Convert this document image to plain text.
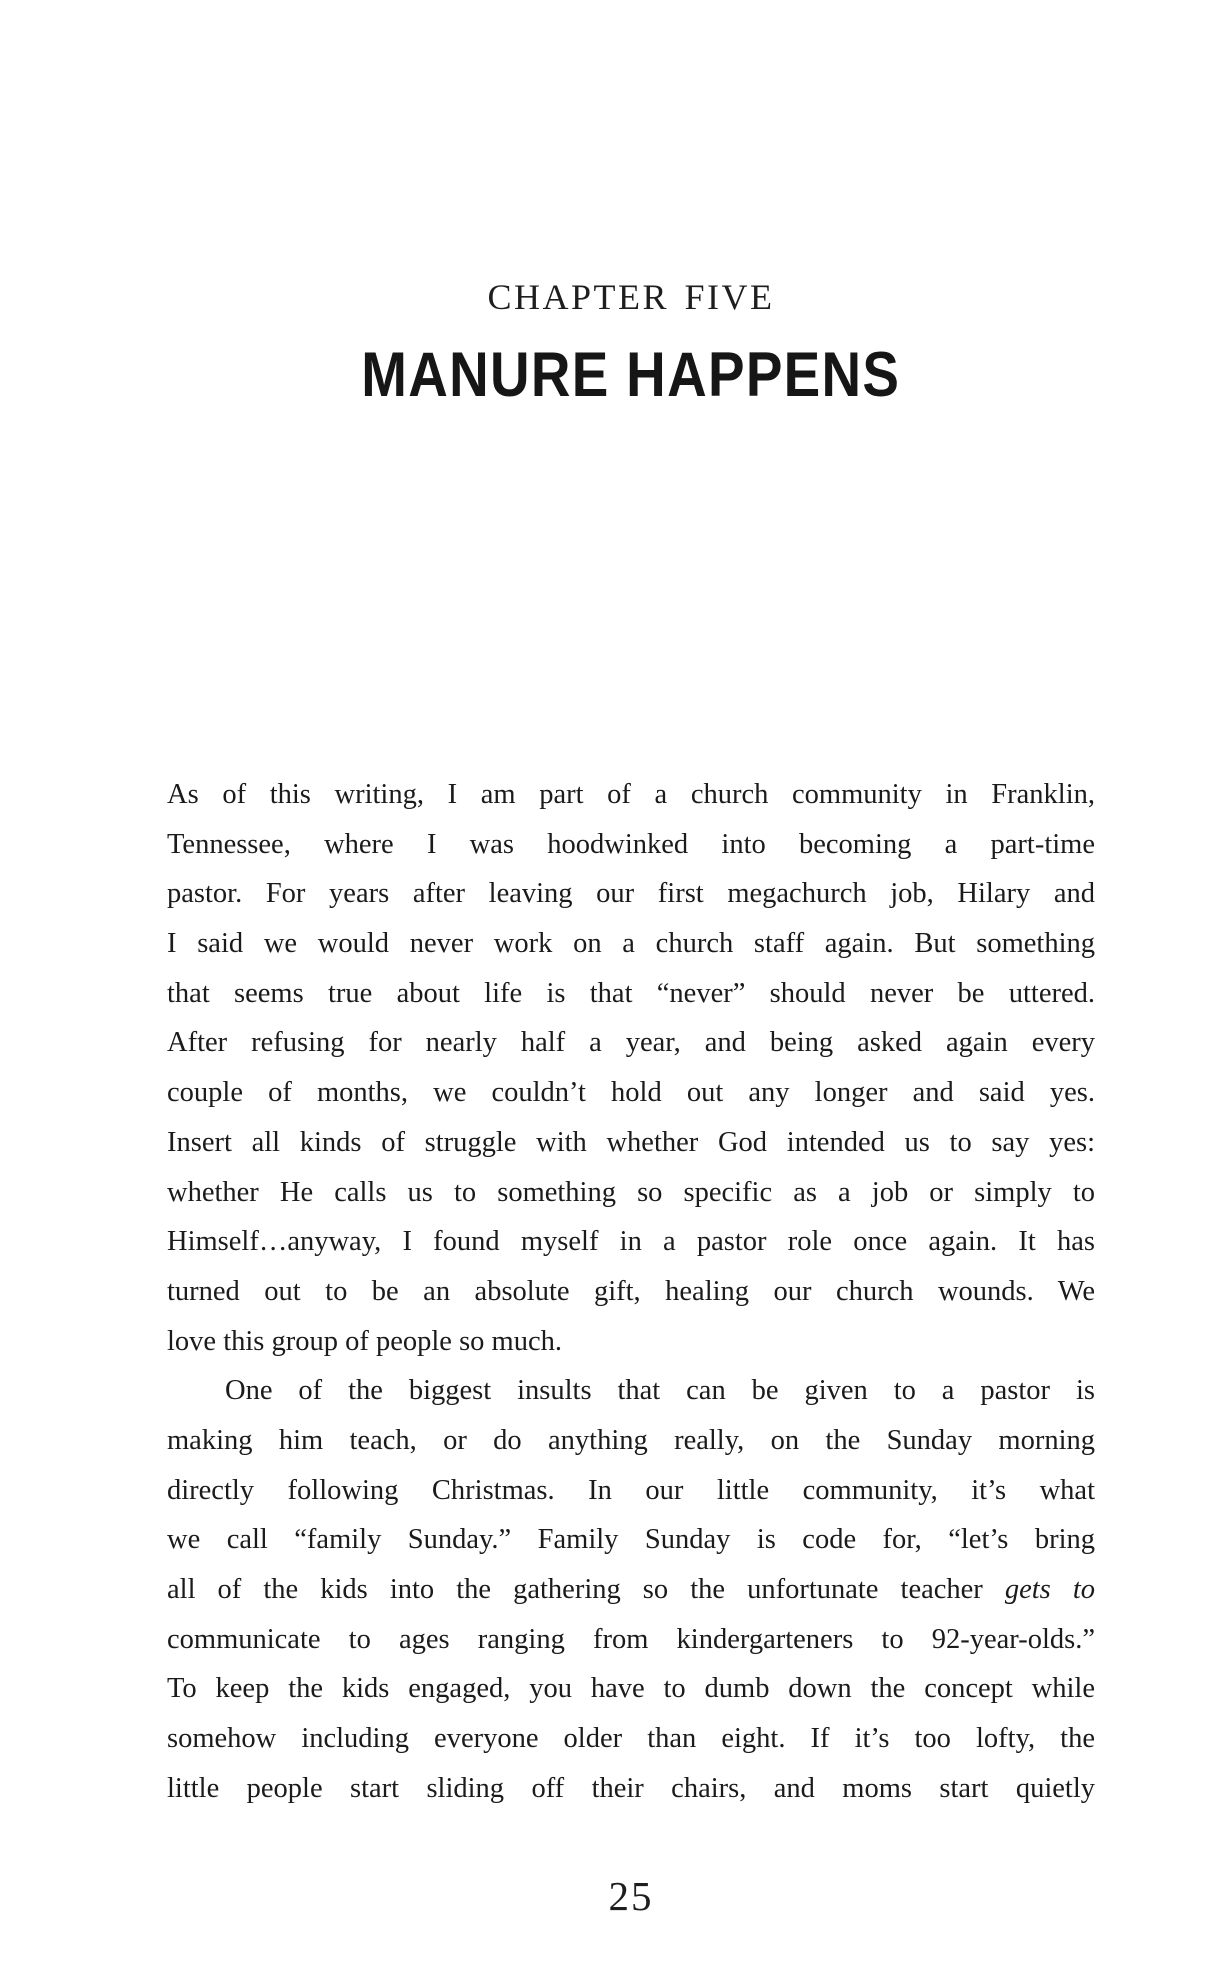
CHAPTER FIVE
MANURE HAPPENS
As of this writing, I am part of a church community in Franklin,
Tennessee, where I was hoodwinked into becoming a part-time
pastor. For years after leaving our first megachurch job, Hilary and
I said we would never work on a church staff again. But something
that seems true about life is that “never” should never be uttered.
After refusing for nearly half a year, and being asked again every
couple of months, we couldn’t hold out any longer and said yes.
Insert all kinds of struggle with whether God intended us to say yes:
whether He calls us to something so specific as a job or simply to
Himself…anyway, I found myself in a pastor role once again. It has
turned out to be an absolute gift, healing our church wounds. We
love this group of people so much.
One of the biggest insults that can be given to a pastor is
making him teach, or do anything really, on the Sunday morning
directly following Christmas. In our little community, it’s what
we call “family Sunday.” Family Sunday is code for, “let’s bring
all of the kids into the gathering so the unfortunate teacher gets to
communicate to ages ranging from kindergarteners to 92-year-olds.”
To keep the kids engaged, you have to dumb down the concept while
somehow including everyone older than eight. If it’s too lofty, the
little people start sliding off their chairs, and moms start quietly
25
